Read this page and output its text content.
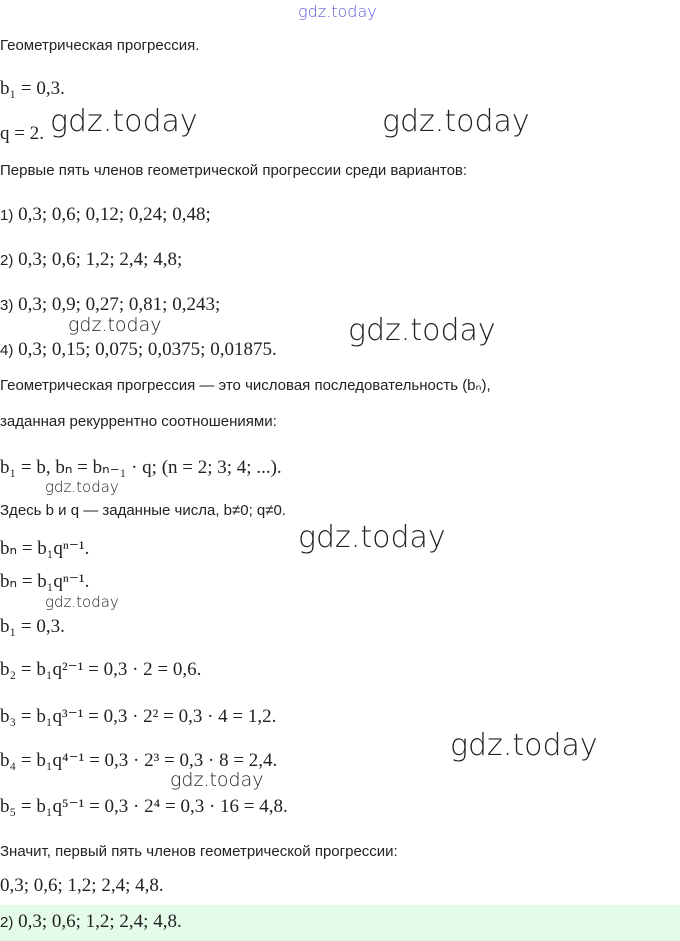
gdz.today
gdz.today	gdz.today
gdz.today	gdz.today
gdz.today
gdz.today
gdz.today
gdz.today
gdz.today
Геометрическая прогрессия.
b₁ = 0,3.
q = 2.
Первые пять членов геометрической прогрессии среди вариантов:
1) 0,3; 0,6; 0,12; 0,24; 0,48;
2) 0,3; 0,6; 1,2; 2,4; 4,8;
3) 0,3; 0,9; 0,27; 0,81; 0,243;
4) 0,3; 0,15; 0,075; 0,0375; 0,01875.
Геометрическая прогрессия — это числовая последовательность (bₙ),
заданная рекуррентно соотношениями:
b₁ = b, bₙ = bₙ₋₁ · q; (n = 2; 3; 4; ...).
Здесь b и q — заданные числа, b≠0; q≠0.
bₙ = b₁qⁿ⁻¹.
bₙ = b₁qⁿ⁻¹.
b₁ = 0,3.
b₂ = b₁q²⁻¹ = 0,3 · 2 = 0,6.
b₃ = b₁q³⁻¹ = 0,3 · 2² = 0,3 · 4 = 1,2.
b₄ = b₁q⁴⁻¹ = 0,3 · 2³ = 0,3 · 8 = 2,4.
b₅ = b₁q⁵⁻¹ = 0,3 · 2⁴ = 0,3 · 16 = 4,8.
Значит, первый пять членов геометрической прогрессии:
0,3; 0,6; 1,2; 2,4; 4,8.
2) 0,3; 0,6; 1,2; 2,4; 4,8.
